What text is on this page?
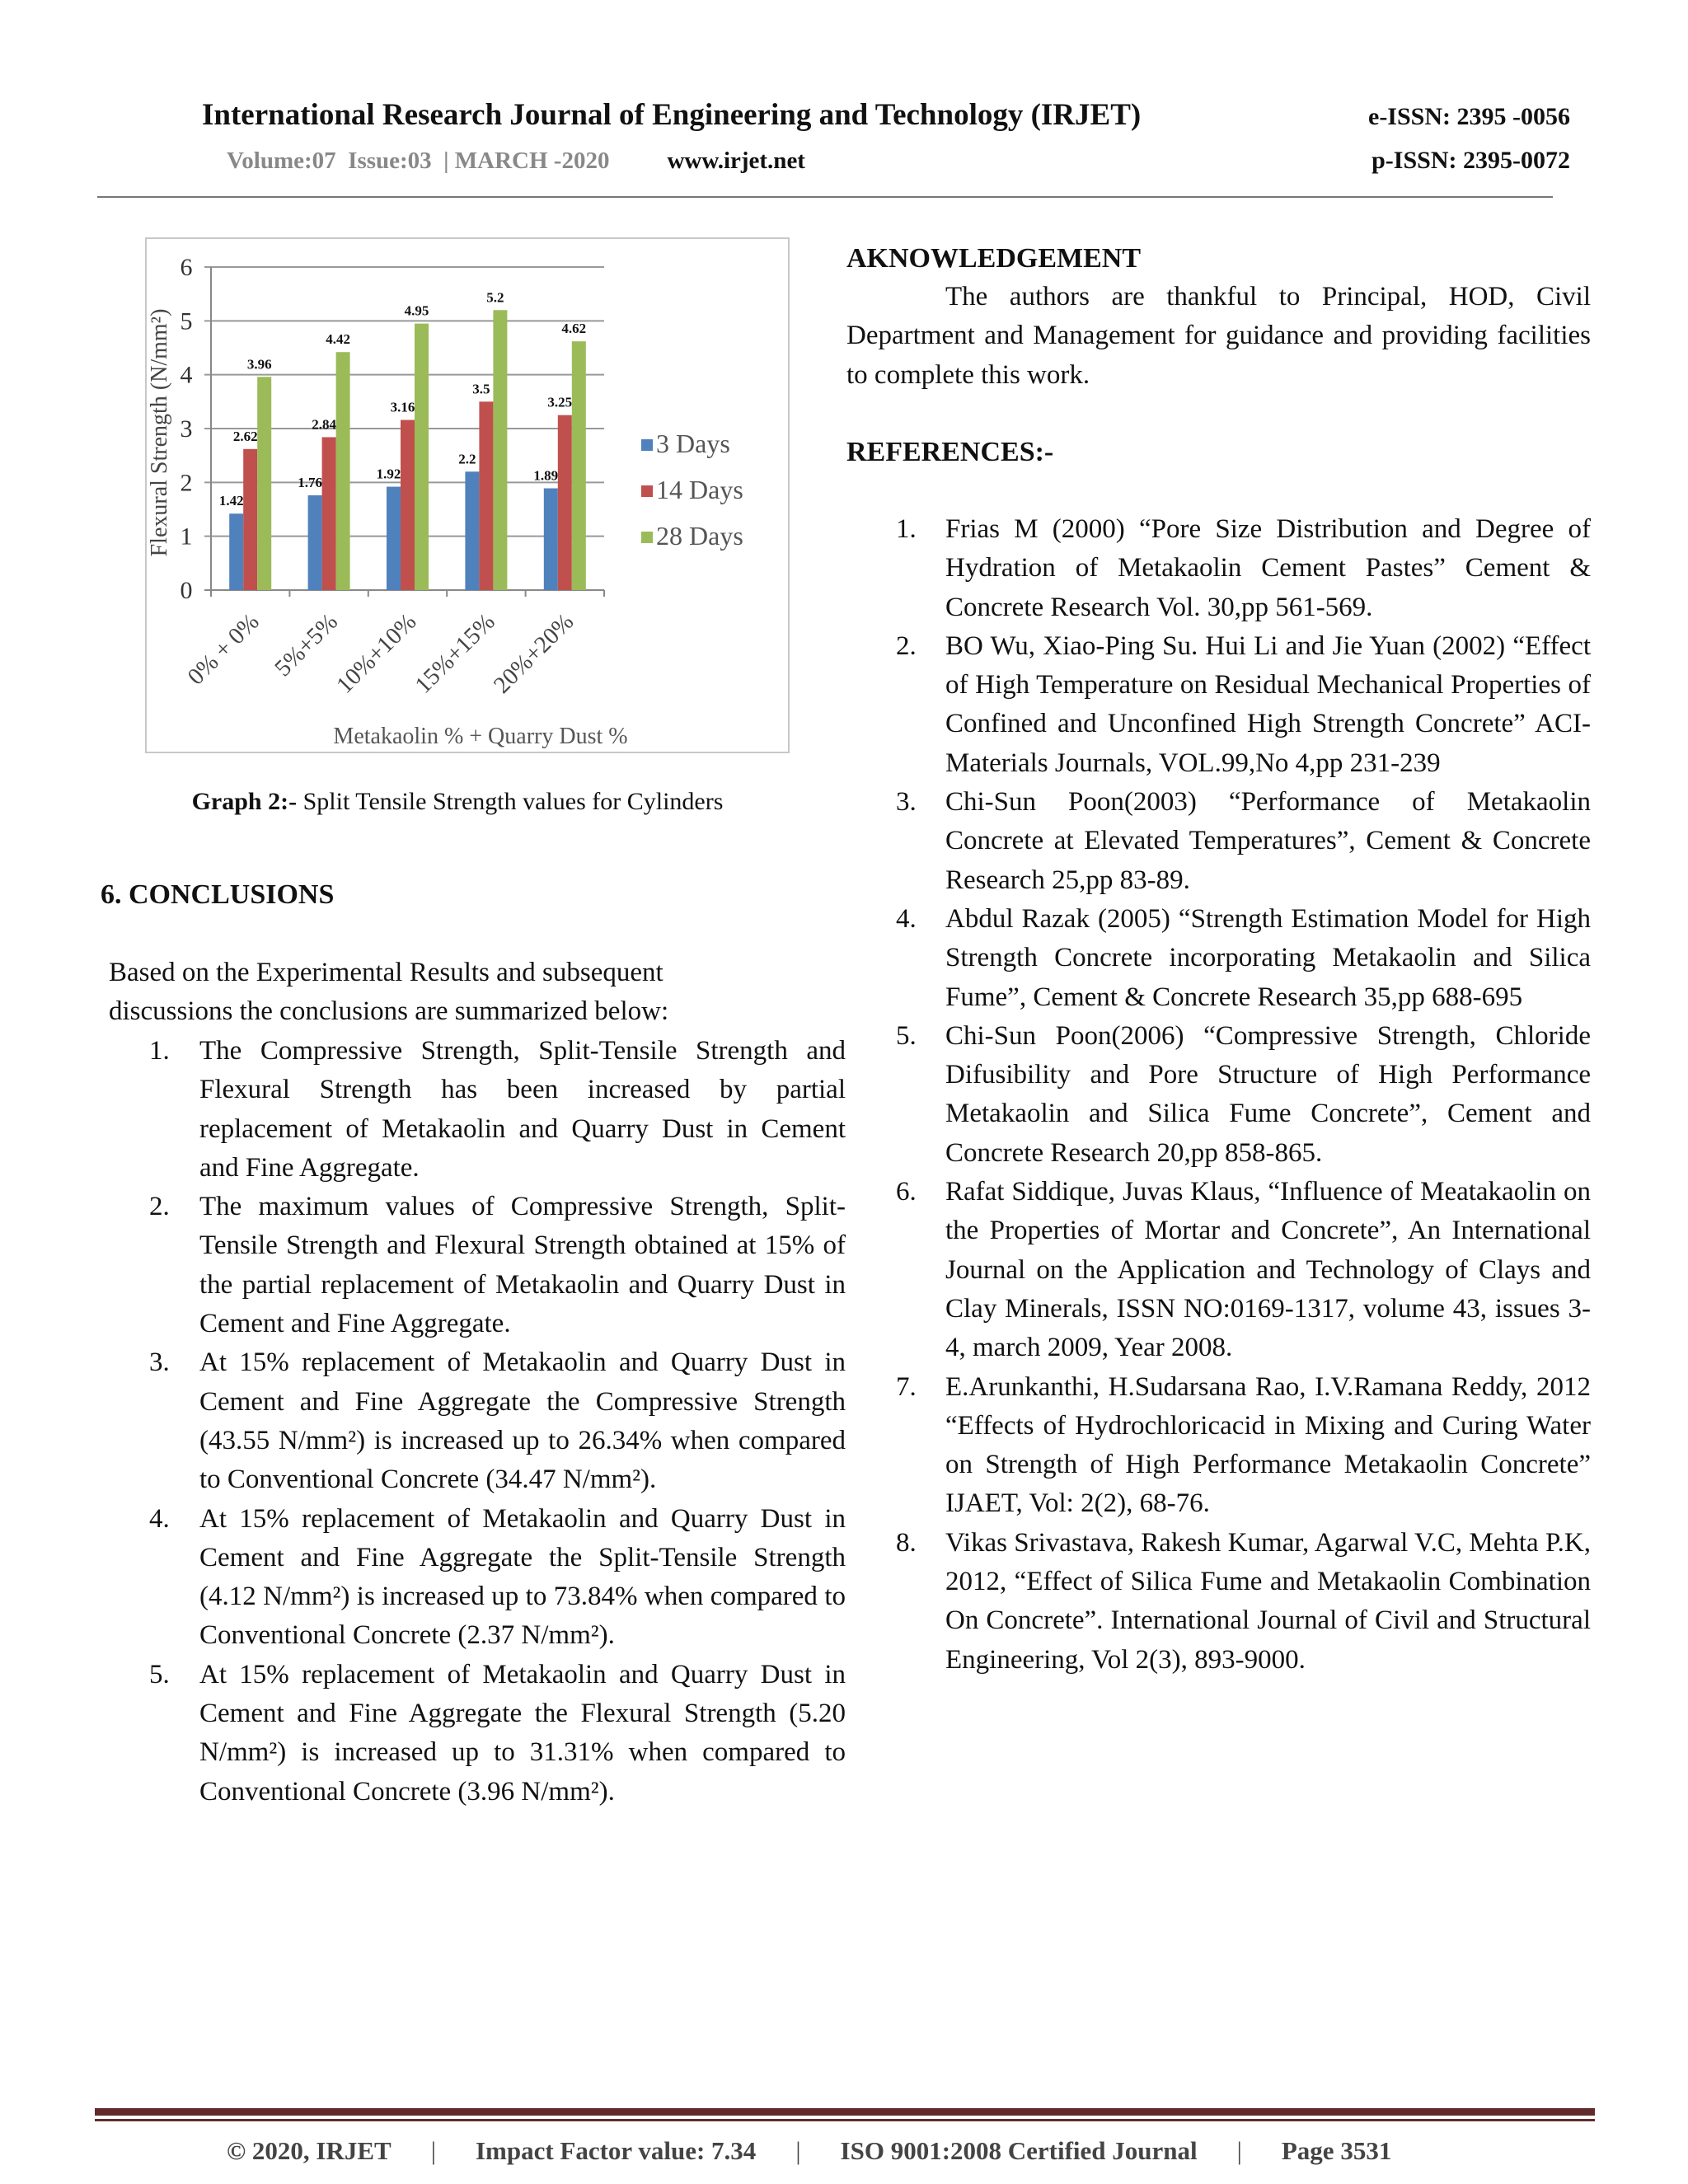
International Research Journal of Engineering and Technology (IRJET)	e-ISSN: 2395 -0056
Volume:07  Issue:03  | MARCH -2020 www.irjet.net	p-ISSN: 2395-0072
0
1
2
3
4
5
6
1.42
2.62
3.96
0% + 0%
1.76
2.84
4.42
5%+5%
1.92
3.16
4.95
10%+10%
2.2
3.5
5.2
15%+15%
1.89
3.25
4.62
20%+20%
3 Days
14 Days
28 Days
Flexural Strength (N/mm²)
Metakaolin % + Quarry Dust %
Graph 2:- Split Tensile Strength values for Cylinders
6. CONCLUSIONS
Based on the Experimental Results and subsequent
discussions the conclusions are summarized below:
1. The Compressive Strength, Split-Tensile Strength and Flexural Strength has been increased by partial replacement of Metakaolin and Quarry Dust in Cement and Fine Aggregate.
2. The maximum values of Compressive Strength, Split-Tensile Strength and Flexural Strength obtained at 15% of the partial replacement of Metakaolin and Quarry Dust in Cement and Fine Aggregate.
3. At 15% replacement of Metakaolin and Quarry Dust in Cement and Fine Aggregate the Compressive Strength (43.55 N/mm²) is increased up to 26.34% when compared to Conventional Concrete (34.47 N/mm²).
4. At 15% replacement of Metakaolin and Quarry Dust in Cement and Fine Aggregate the Split-Tensile Strength (4.12 N/mm²) is increased up to 73.84% when compared to Conventional Concrete (2.37 N/mm²).
5. At 15% replacement of Metakaolin and Quarry Dust in Cement and Fine Aggregate the Flexural Strength (5.20 N/mm²) is increased up to 31.31% when compared to Conventional Concrete (3.96 N/mm²).
AKNOWLEDGEMENT
The authors are thankful to Principal, HOD, Civil Department and Management for guidance and providing facilities to complete this work.
REFERENCES:-
1. Frias M (2000) “Pore Size Distribution and Degree of Hydration of Metakaolin Cement Pastes” Cement & Concrete Research Vol. 30,pp 561-569.
2. BO Wu, Xiao-Ping Su. Hui Li and Jie Yuan (2002) “Effect of High Temperature on Residual Mechanical Properties of Confined and Unconfined High Strength Concrete” ACI-Materials Journals, VOL.99,No 4,pp 231-239
3. Chi-Sun Poon(2003) “Performance of Metakaolin Concrete at Elevated Temperatures”, Cement & Concrete Research 25,pp 83-89.
4. Abdul Razak (2005) “Strength Estimation Model for High Strength Concrete incorporating Metakaolin and Silica Fume”, Cement & Concrete Research 35,pp 688-695
5. Chi-Sun Poon(2006) “Compressive Strength, Chloride Difusibility and Pore Structure of High Performance Metakaolin and Silica Fume Concrete”, Cement and Concrete Research 20,pp 858-865.
6. Rafat Siddique, Juvas Klaus, “Influence of Meatakaolin on the Properties of Mortar and Concrete”, An International Journal on the Application and Technology of Clays and Clay Minerals, ISSN NO:0169-1317, volume 43, issues 3-4, march 2009, Year 2008.
7. E.Arunkanthi, H.Sudarsana Rao, I.V.Ramana Reddy, 2012 “Effects of Hydrochloricacid in Mixing and Curing Water on Strength of High Performance Metakaolin Concrete” IJAET, Vol: 2(2), 68-76.
8. Vikas Srivastava, Rakesh Kumar, Agarwal V.C, Mehta P.K, 2012, “Effect of Silica Fume and Metakaolin Combination On Concrete”. International Journal of Civil and Structural Engineering, Vol 2(3), 893-9000.
© 2020, IRJET | Impact Factor value: 7.34 | ISO 9001:2008 Certified Journal | Page 3531
